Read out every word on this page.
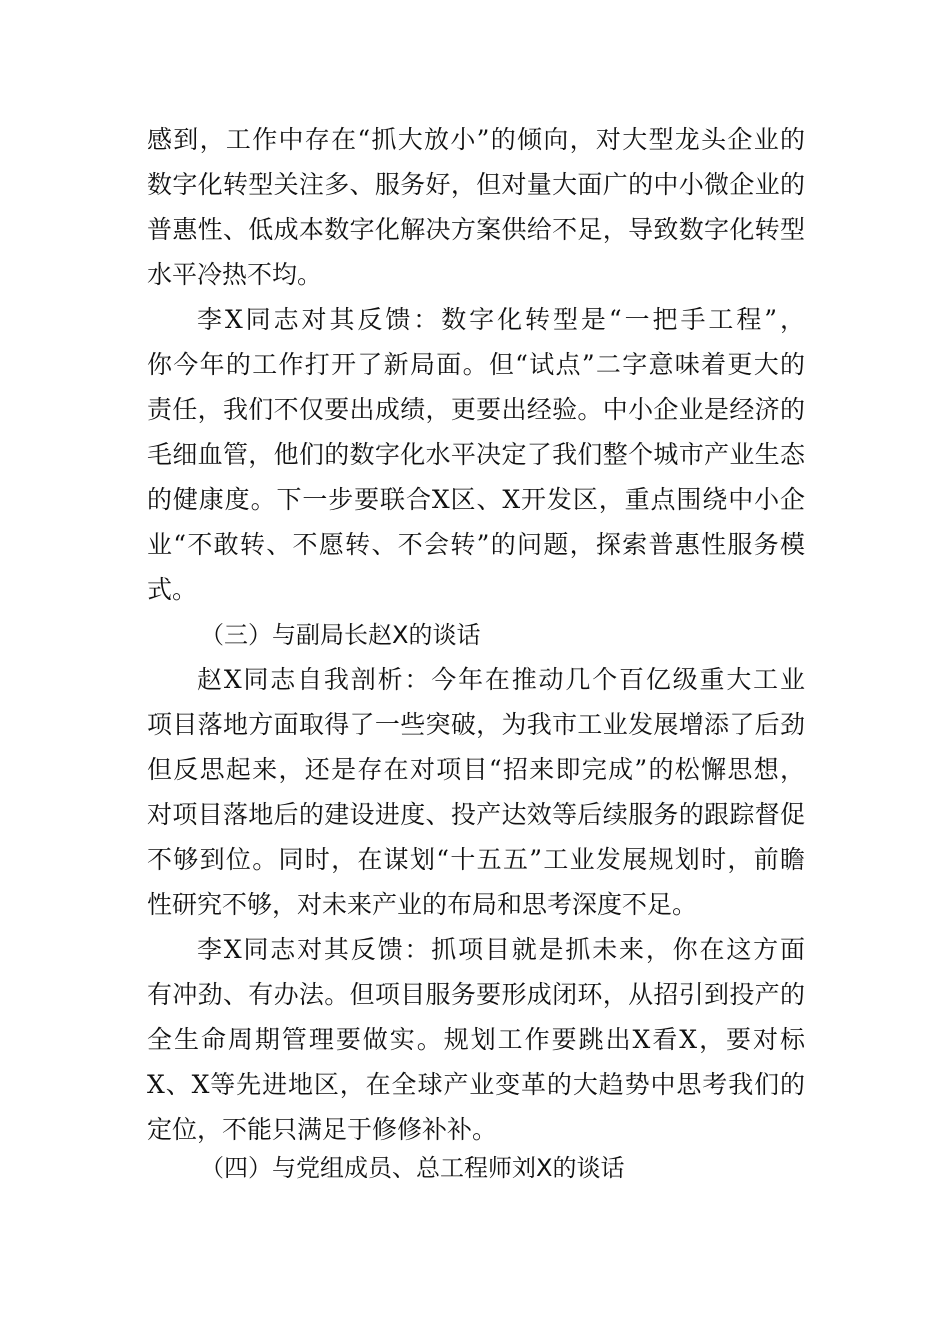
感到，工作中存在“抓大放小”的倾向，对大型龙头企业的
数字化转型关注多、服务好，但对量大面广的中小微企业的
普惠性、低成本数字化解决方案供给不足，导致数字化转型
水平冷热不均。
李X同志对其反馈：数字化转型是“一把手工程”，
你今年的工作打开了新局面。但“试点”二字意味着更大的
责任，我们不仅要出成绩，更要出经验。中小企业是经济的
毛细血管，他们的数字化水平决定了我们整个城市产业生态
的健康度。下一步要联合X区、X开发区，重点围绕中小企
业“不敢转、不愿转、不会转”的问题，探索普惠性服务模
式。
（三）与副局长赵X的谈话
赵X同志自我剖析：今年在推动几个百亿级重大工业
项目落地方面取得了一些突破，为我市工业发展增添了后劲
但反思起来，还是存在对项目“招来即完成”的松懈思想，
对项目落地后的建设进度、投产达效等后续服务的跟踪督促
不够到位。同时，在谋划“十五五”工业发展规划时，前瞻
性研究不够，对未来产业的布局和思考深度不足。
李X同志对其反馈：抓项目就是抓未来，你在这方面
有冲劲、有办法。但项目服务要形成闭环，从招引到投产的
全生命周期管理要做实。规划工作要跳出X看X，要对标
X、X等先进地区，在全球产业变革的大趋势中思考我们的
定位，不能只满足于修修补补。
（四）与党组成员、总工程师刘X的谈话
